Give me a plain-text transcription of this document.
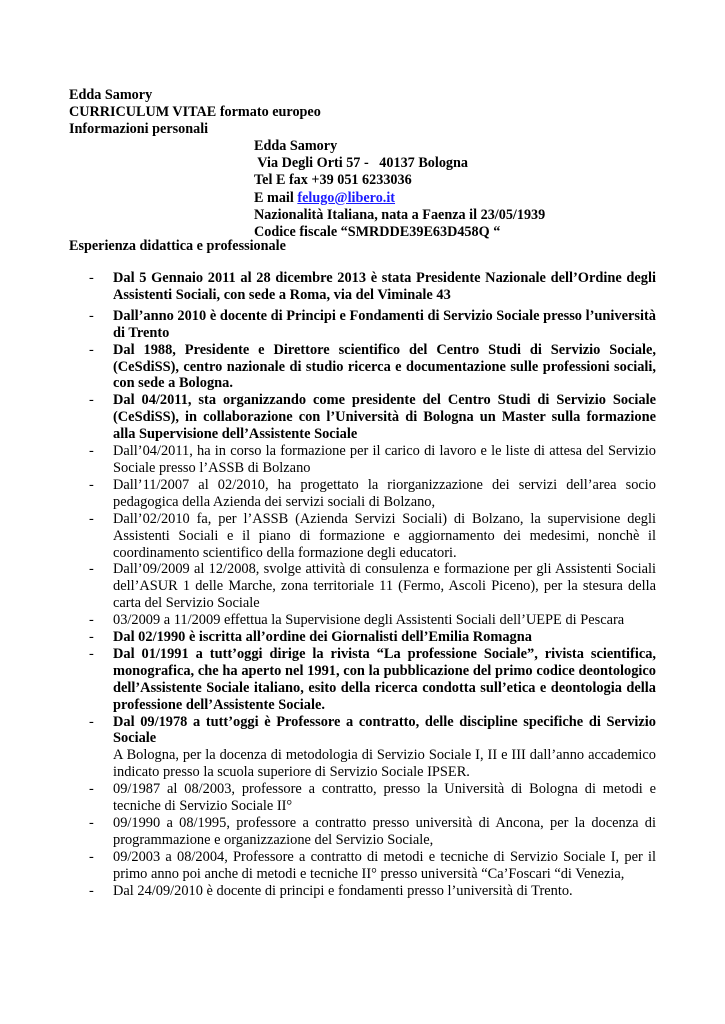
Edda Samory
CURRICULUM VITAE formato europeo
Informazioni personali
Edda Samory
Via Degli Orti 57 -   40137 Bologna
Tel E fax +39 051 6233036
E mail felugo@libero.it
Nazionalità Italiana, nata a Faenza il 23/05/1939
Codice fiscale “SMRDDE39E63D458Q “
Esperienza didattica e professionale
- Dal 5 Gennaio 2011 al 28 dicembre 2013 è stata Presidente Nazionale dell’Ordine degli Assistenti Sociali, con sede a Roma, via del Viminale 43
- Dall’anno 2010 è docente di Principi e Fondamenti di Servizio Sociale presso l’università di Trento
- Dal 1988, Presidente e Direttore scientifico del Centro Studi di Servizio Sociale, (CeSdiSS), centro nazionale di studio ricerca e documentazione sulle professioni sociali, con sede a Bologna.
- Dal 04/2011, sta organizzando come presidente del Centro Studi di Servizio Sociale (CeSdiSS), in collaborazione con l’Università di Bologna un Master sulla formazione alla Supervisione dell’Assistente Sociale
- Dall’04/2011, ha in corso la formazione per il carico di lavoro e le liste di attesa del Servizio Sociale presso l’ASSB di Bolzano
- Dall’11/2007 al 02/2010, ha progettato la riorganizzazione dei servizi dell’area socio pedagogica della Azienda dei servizi sociali di Bolzano,
- Dall’02/2010 fa, per l’ASSB (Azienda Servizi Sociali) di Bolzano, la supervisione degli Assistenti Sociali e il piano di formazione e aggiornamento dei medesimi, nonchè il coordinamento scientifico della formazione degli educatori.
- Dall’09/2009 al 12/2008, svolge attività di consulenza e formazione per gli Assistenti Sociali dell’ASUR 1 delle Marche, zona territoriale 11 (Fermo, Ascoli Piceno), per la stesura della carta del Servizio Sociale
- 03/2009 a 11/2009 effettua la Supervisione degli Assistenti Sociali dell’UEPE di Pescara
- Dal 02/1990 è iscritta all’ordine dei Giornalisti dell’Emilia Romagna
- Dal 01/1991 a tutt’oggi dirige la rivista “La professione Sociale”, rivista scientifica, monografica, che ha aperto nel 1991, con la pubblicazione del primo codice deontologico dell’Assistente Sociale italiano, esito della ricerca condotta sull’etica e deontologia della professione dell’Assistente Sociale.
- Dal 09/1978 a tutt’oggi è Professore a contratto, delle discipline specifiche di Servizio Sociale
A Bologna, per la docenza di metodologia di Servizio Sociale I, II e III dall’anno accademico indicato presso la scuola superiore di Servizio Sociale IPSER.
- 09/1987 al 08/2003, professore a contratto, presso la Università di Bologna di metodi e tecniche di Servizio Sociale II°
- 09/1990 a 08/1995, professore a contratto presso università di Ancona, per la docenza di programmazione e organizzazione del Servizio Sociale,
- 09/2003 a 08/2004, Professore a contratto di metodi e tecniche di Servizio Sociale I, per il primo anno poi anche di metodi e tecniche II° presso università “Ca’Foscari “di Venezia,
- Dal 24/09/2010 è docente di principi e fondamenti presso l’università di Trento.
